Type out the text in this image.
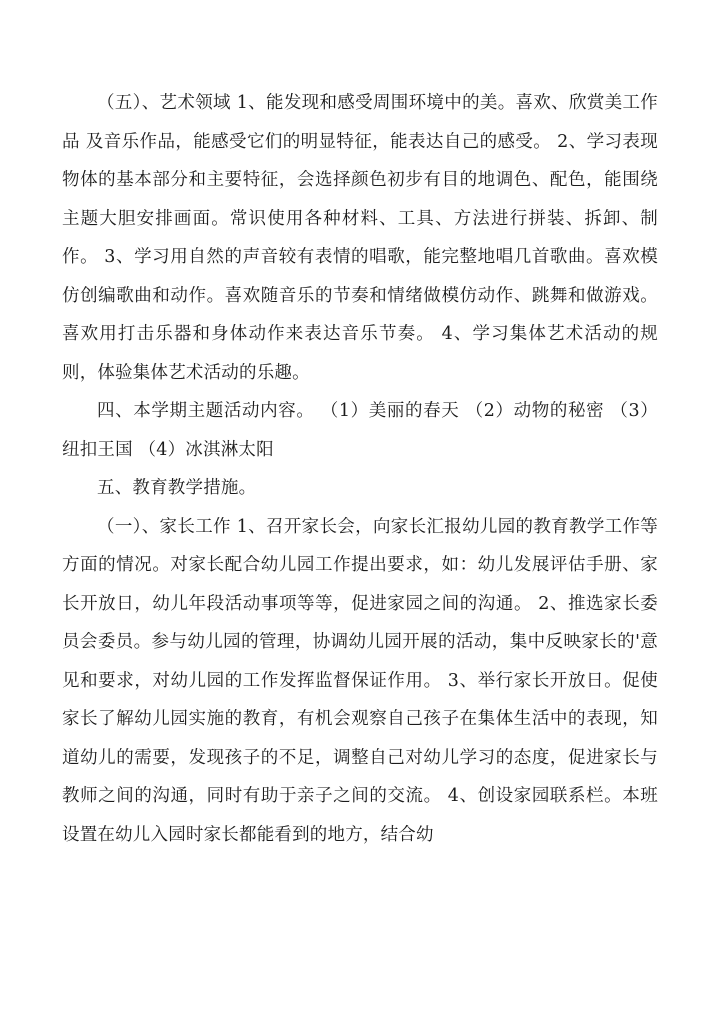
（五）、艺术领域 1、能发现和感受周围环境中的美。喜欢、欣赏美工作品 及音乐作品，能感受它们的明显特征，能表达自己的感受。 2、学习表现物体的基本部分和主要特征，会选择颜色初步有目的地调色、配色，能围绕主题大胆安排画面。常识使用各种材料、工具、方法进行拼装、拆卸、制作。 3、学习用自然的声音较有表情的唱歌，能完整地唱几首歌曲。喜欢模仿创编歌曲和动作。喜欢随音乐的节奏和情绪做模仿动作、跳舞和做游戏。喜欢用打击乐器和身体动作来表达音乐节奏。 4、学习集体艺术活动的规则，体验集体艺术活动的乐趣。

四、本学期主题活动内容。 （1）美丽的春天 （2）动物的秘密 （3）纽扣王国 （4）冰淇淋太阳

五、教育教学措施。

（一）、家长工作 1、召开家长会，向家长汇报幼儿园的教育教学工作等方面的情况。对家长配合幼儿园工作提出要求，如：幼儿发展评估手册、家长开放日，幼儿年段活动事项等等，促进家园之间的沟通。 2、推选家长委员会委员。参与幼儿园的管理，协调幼儿园开展的活动，集中反映家长的'意见和要求，对幼儿园的工作发挥监督保证作用。 3、举行家长开放日。促使家长了解幼儿园实施的教育，有机会观察自己孩子在集体生活中的表现，知道幼儿的需要，发现孩子的不足，调整自己对幼儿学习的态度，促进家长与教师之间的沟通，同时有助于亲子之间的交流。 4、创设家园联系栏。本班设置在幼儿入园时家长都能看到的地方，结合幼
